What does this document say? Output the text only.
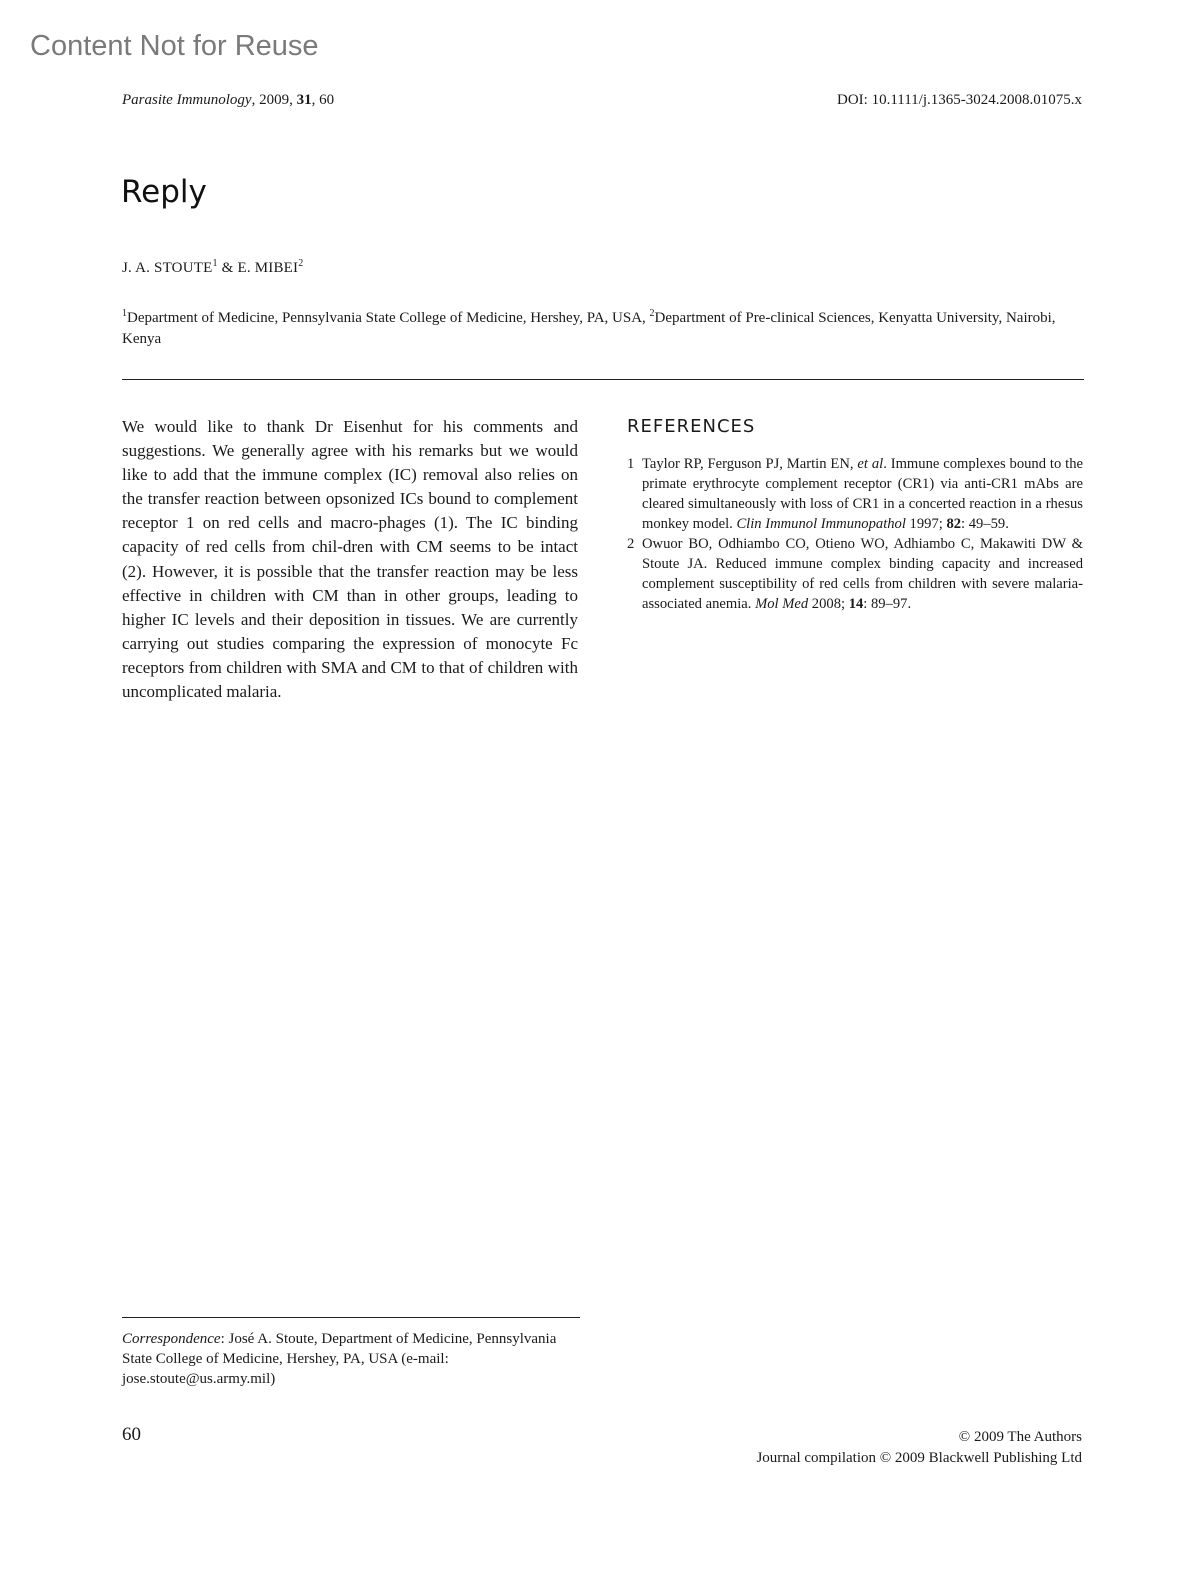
Content Not for Reuse
Parasite Immunology, 2009, 31, 60	DOI: 10.1111/j.1365-3024.2008.01075.x
Reply
J. A. STOUTE$^1$ & E. MIBEI$^2$
$^1$Department of Medicine, Pennsylvania State College of Medicine, Hershey, PA, USA, $^2$Department of Pre-clinical Sciences, Kenyatta University, Nairobi, Kenya
We would like to thank Dr Eisenhut for his comments and suggestions. We generally agree with his remarks but we would like to add that the immune complex (IC) removal also relies on the transfer reaction between opsonized ICs bound to complement receptor 1 on red cells and macro-phages (1). The IC binding capacity of red cells from chil-dren with CM seems to be intact (2). However, it is possible that the transfer reaction may be less effective in children with CM than in other groups, leading to higher IC levels and their deposition in tissues. We are currently carrying out studies comparing the expression of monocyte Fc receptors from children with SMA and CM to that of children with uncomplicated malaria.
REFERENCES
1 Taylor RP, Ferguson PJ, Martin EN, et al. Immune complexes bound to the primate erythrocyte complement receptor (CR1) via anti-CR1 mAbs are cleared simultaneously with loss of CR1 in a concerted reaction in a rhesus monkey model. Clin Immunol Immunopathol 1997; 82: 49–59.
2 Owuor BO, Odhiambo CO, Otieno WO, Adhiambo C, Makawiti DW & Stoute JA. Reduced immune complex binding capacity and increased complement susceptibility of red cells from children with severe malaria-associated anemia. Mol Med 2008; 14: 89–97.
Correspondence: José A. Stoute, Department of Medicine, Pennsylvania State College of Medicine, Hershey, PA, USA (e-mail: jose.stoute@us.army.mil)
60	© 2009 The Authors
Journal compilation © 2009 Blackwell Publishing Ltd
